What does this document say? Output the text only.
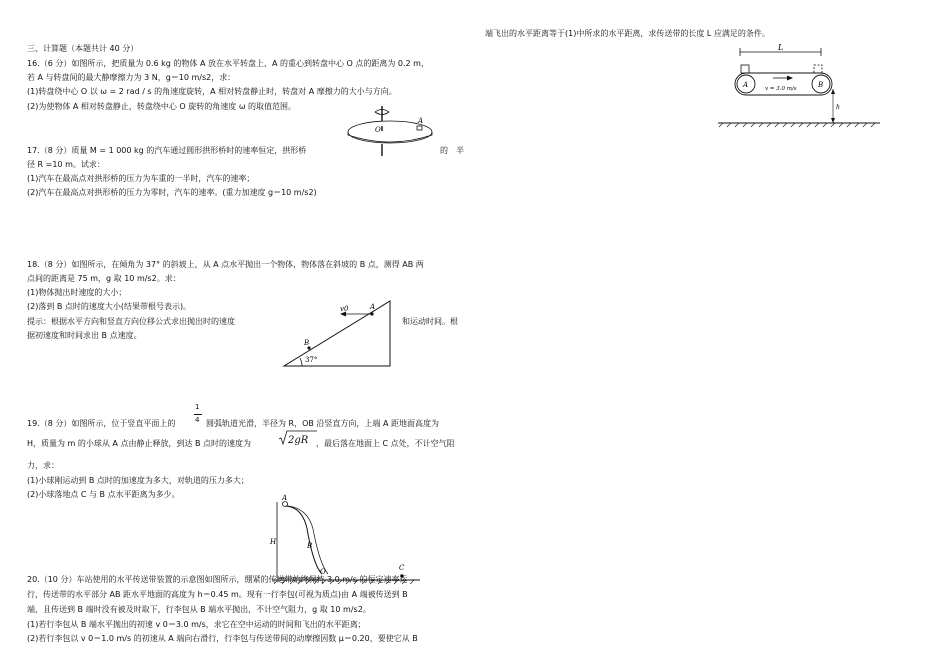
三、计算题（本题共计 40 分）
16.（6 分）如图所示，把质量为 0.6 kg 的物体 A 放在水平转盘上，A 的重心到转盘中心 O 点的距离为 0.2 m，
若 A 与转盘间的最大静摩擦力为 3 N，g＝10 m/s2，求：
(1)转盘绕中心 O 以 ω = 2 rad / s 的角速度旋转，A 相对转盘静止时，转盘对 A 摩擦力的大小与方向。
(2)为使物体 A 相对转盘静止，转盘绕中心 O 旋转的角速度 ω 的取值范围。
O
A
17.（8 分）质量 M = 1 000 kg 的汽车通过圆形拱形桥时的速率恒定，拱形桥	的　半
径 R =10 m。试求：
(1)汽车在最高点对拱形桥的压力为车重的一半时，汽车的速率；
(2)汽车在最高点对拱形桥的压力为零时，汽车的速率。(重力加速度 g＝10 m/s2)
18.（8 分）如图所示，在倾角为 37° 的斜坡上，从 A 点水平抛出一个物体，物体落在斜坡的 B 点，测得 AB 两
点间的距离是 75 m，g 取 10 m/s2。求：
(1)物体抛出时速度的大小；
(2)落到 B 点时的速度大小(结果带根号表示)。
提示：根据水平方向和竖直方向位移公式求出抛出时的速度	和运动时间。根
据初速度和时间求出 B 点速度。
v0	A
B
37°
19.（8 分）如图所示，位于竖直平面上的
1
4 圆弧轨道光滑，半径为 R，OB 沿竖直方向，上端 A 距地面高度为
H，质量为 m 的小球从 A 点由静止释放，到达 B 点时的速度为	2gR ，最后落在地面上 C 点处，不计空气阻
力，求：
(1)小球刚运动到 B 点时的加速度为多大，对轨道的压力多大；
(2)小球落地点 C 与 B 点水平距离为多少。	A
H	B
O	C
20.（10 分）车站使用的水平传送带装置的示意图如图所示，绷紧的传送带始终保持 3.0 m/s 的恒定速率运
行，传送带的水平部分 AB 距水平地面的高度为 h＝0.45 m。现有一行李包(可视为质点)由 A 端被传送到 B
端，且传送到 B 端时没有被及时取下，行李包从 B 端水平抛出，不计空气阻力，g 取 10 m/s2。
(1)若行李包从 B 端水平抛出的初速 v 0＝3.0 m/s，求它在空中运动的时间和飞出的水平距离；
(2)若行李包以 v 0＝1.0 m/s 的初速从 A 端向右滑行，行李包与传送带间的动摩擦因数 μ＝0.20，要使它从 B
端飞出的水平距离等于(1)中所求的水平距离，求传送带的长度 L 应满足的条件。
L
A	B
v = 3.0 m/s
h
